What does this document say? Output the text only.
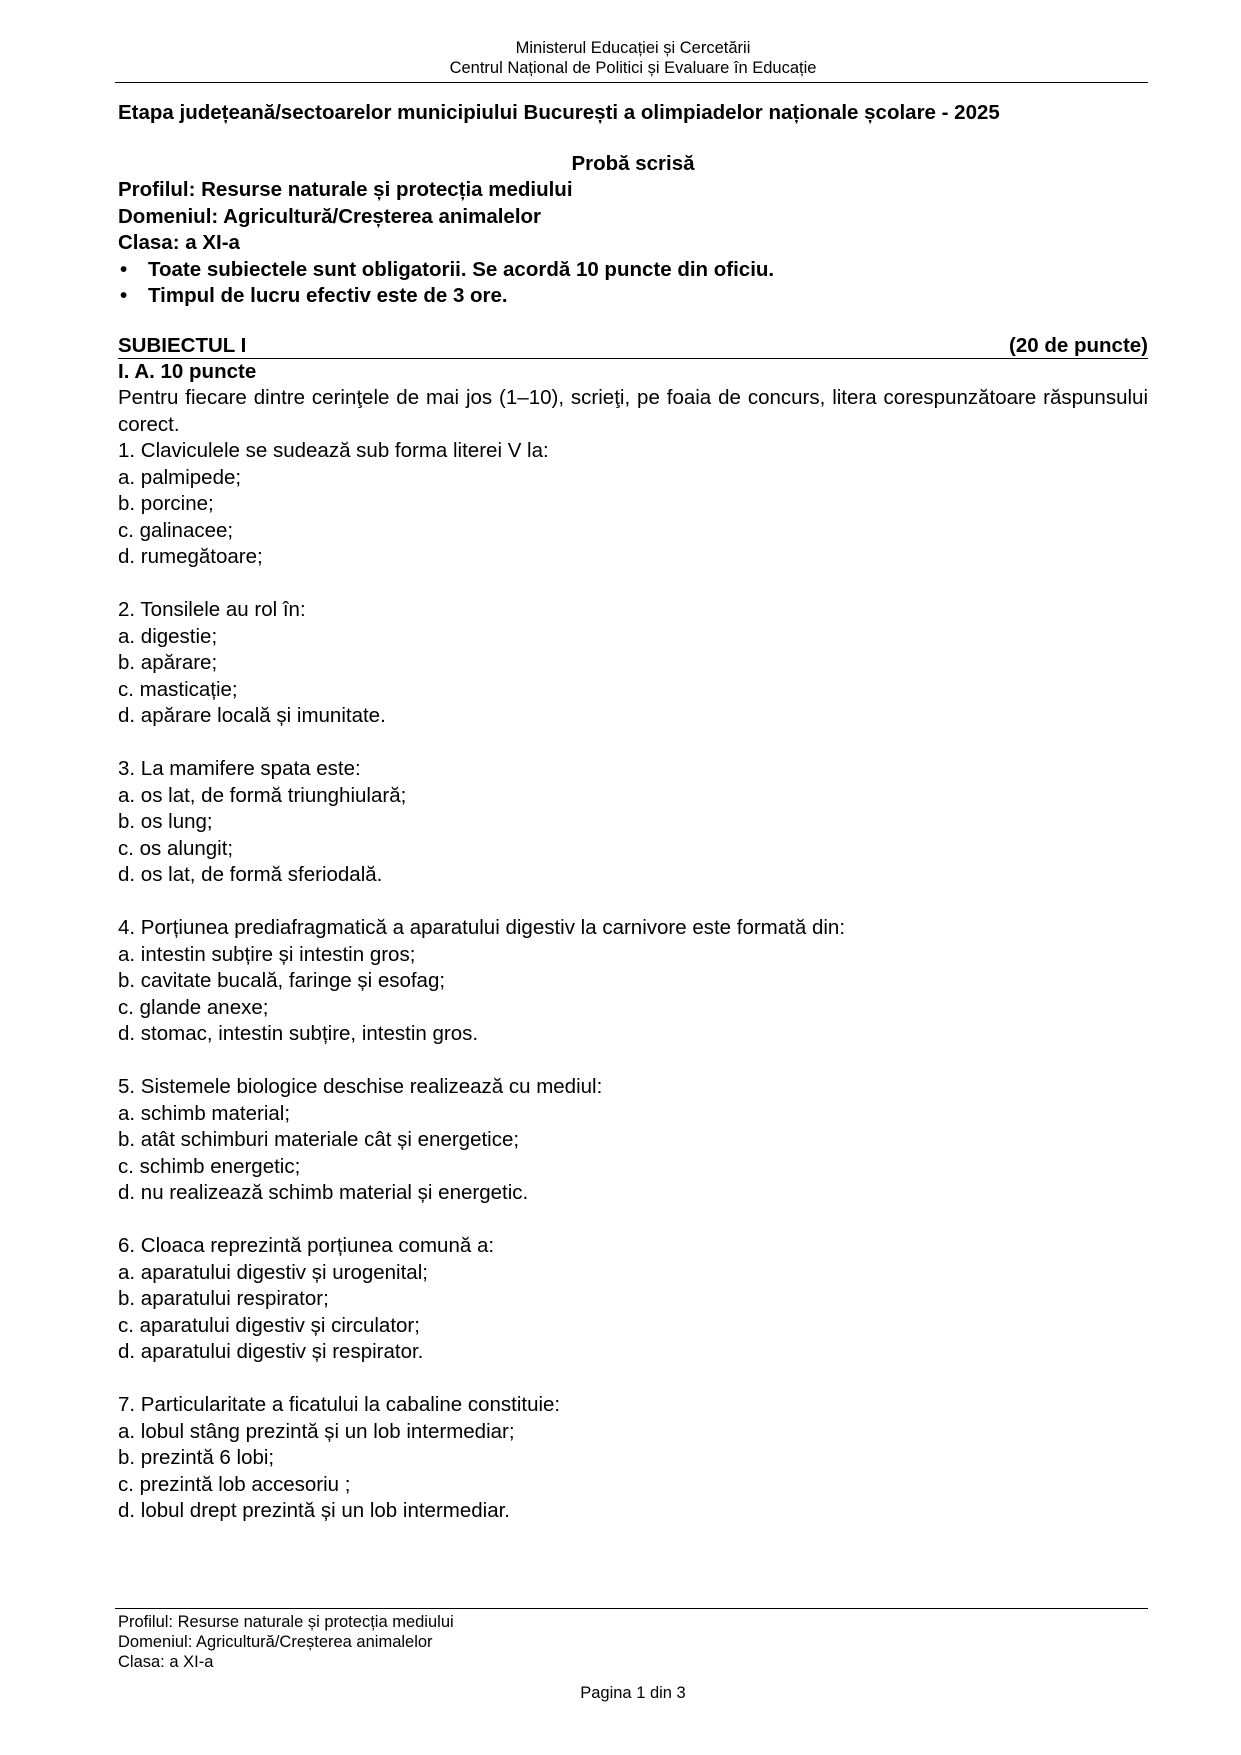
Ministerul Educației și Cercetării
Centrul Național de Politici și Evaluare în Educație
Etapa județeană/sectoarelor municipiului București a olimpiadelor naționale școlare - 2025
Probă scrisă
Profilul: Resurse naturale și protecția mediului
Domeniul: Agricultură/Creșterea animalelor
Clasa: a XI-a
• Toate subiectele sunt obligatorii. Se acordă 10 puncte din oficiu.
• Timpul de lucru efectiv este de 3 ore.
SUBIECTUL I	(20 de puncte)
I. A. 10 puncte
Pentru fiecare dintre cerinţele de mai jos (1–10), scrieţi, pe foaia de concurs, litera corespunzătoare răspunsului corect.
1. Claviculele se sudează sub forma literei V la:
a. palmipede;
b. porcine;
c. galinacee;
d. rumegătoare;
2. Tonsilele au rol în:
a. digestie;
b. apărare;
c. masticație;
d. apărare locală și imunitate.
3. La mamifere spata este:
a. os lat, de formă triunghiulară;
b. os lung;
c. os alungit;
d. os lat, de formă sferiodală.
4. Porțiunea prediafragmatică a aparatului digestiv la carnivore este formată din:
a. intestin subțire și intestin gros;
b. cavitate bucală, faringe și esofag;
c. glande anexe;
d. stomac, intestin subțire, intestin gros.
5. Sistemele biologice deschise realizează cu mediul:
a. schimb material;
b. atât schimburi materiale cât și energetice;
c. schimb energetic;
d. nu realizează schimb material și energetic.
6. Cloaca reprezintă porțiunea comună a:
a. aparatului digestiv și urogenital;
b. aparatului respirator;
c. aparatului digestiv și circulator;
d. aparatului digestiv și respirator.
7. Particularitate a ficatului la cabaline constituie:
a. lobul stâng prezintă și un lob intermediar;
b. prezintă 6 lobi;
c. prezintă lob accesoriu ;
d. lobul drept prezintă și un lob intermediar.
Profilul: Resurse naturale și protecția mediului
Domeniul: Agricultură/Creșterea animalelor
Clasa: a XI-a
Pagina 1 din 3
